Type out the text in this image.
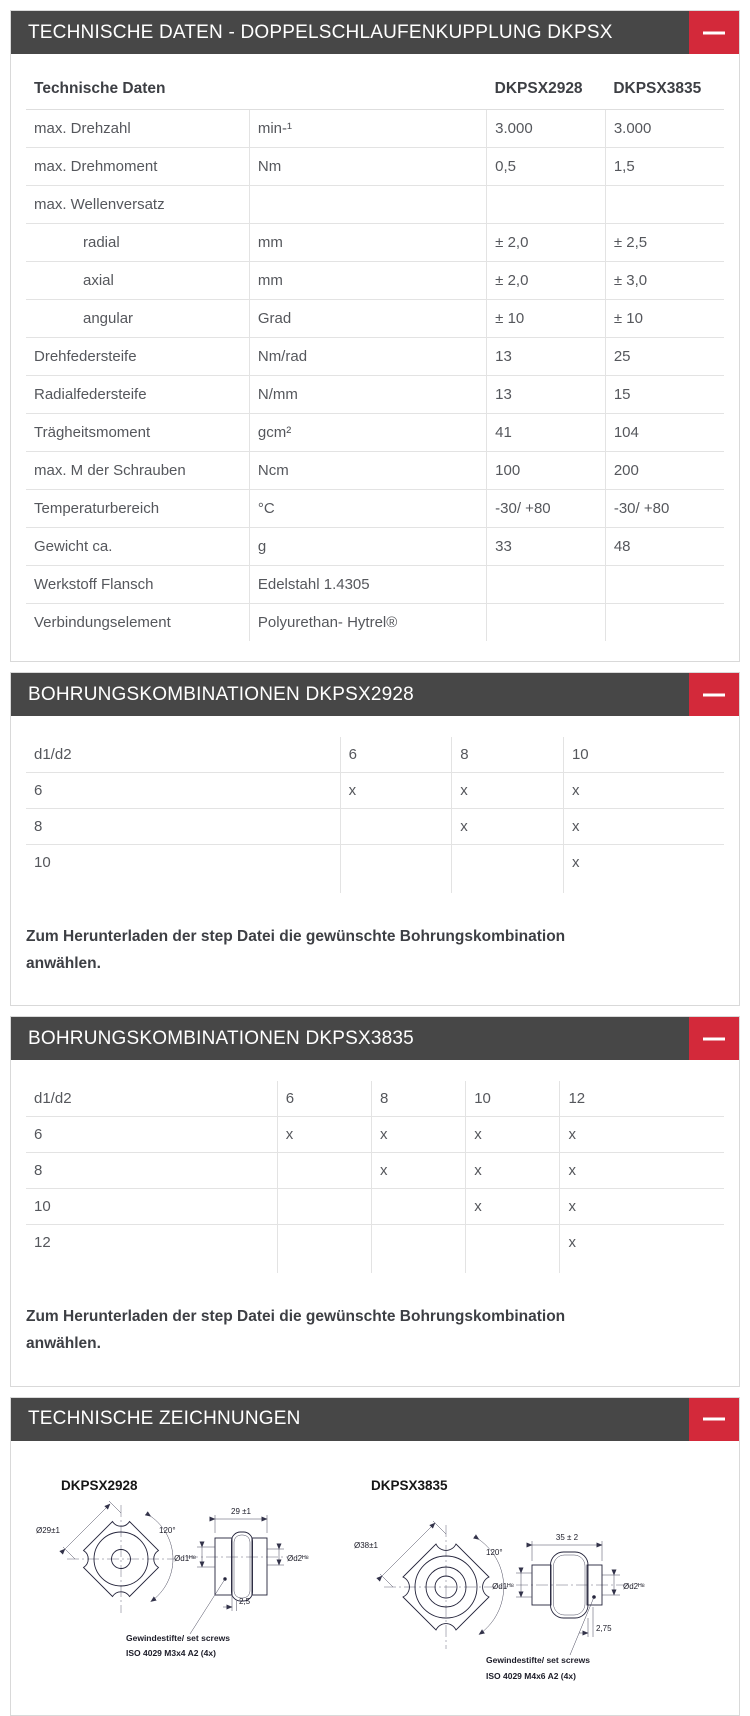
TECHNISCHE DATEN - DOPPELSCHLAUFENKUPPLUNG DKPSX
Technische Daten		DKPSX2928	DKPSX3835
max. Drehzahl	min-¹	3.000	3.000
max. Drehmoment	Nm	0,5	1,5
max. Wellenversatz			
radial	mm	± 2,0	± 2,5
axial	mm	± 2,0	± 3,0
angular	Grad	± 10	± 10
Drehfedersteife	Nm/rad	13	25
Radialfedersteife	N/mm	13	15
Trägheitsmoment	gcm²	41	104
max. M der Schrauben	Ncm	100	200
Temperaturbereich	°C	-30/ +80	-30/ +80
Gewicht ca.	g	33	48
Werkstoff Flansch	Edelstahl 1.4305		
Verbindungselement	Polyurethan- Hytrel®		
BOHRUNGSKOMBINATIONEN DKPSX2928
d1/d2	6	8	10
6	x	x	x
8		x	x
10			x

Zum Herunterladen der step Datei die gewünschte Bohrungskombination anwählen.

BOHRUNGSKOMBINATIONEN DKPSX3835
d1/d2	6	8	10	12
6	x	x	x	x
8		x	x	x
10			x	x
12				x

Zum Herunterladen der step Datei die gewünschte Bohrungskombination anwählen.

TECHNISCHE ZEICHNUNGEN
DKPSX2928
120°
Ø29±1
29 ±1
Ød1ᴴ⁸	Ød2ᴴ⁸
2,5
Gewindestifte/ set screws
ISO 4029 M3x4 A2 (4x)
DKPSX3835
120°
Ø38±1
35 ± 2
Ød1ᴴ⁸	Ød2ᴴ⁸
2,75
Gewindestifte/ set screws
ISO 4029 M4x6 A2 (4x)
